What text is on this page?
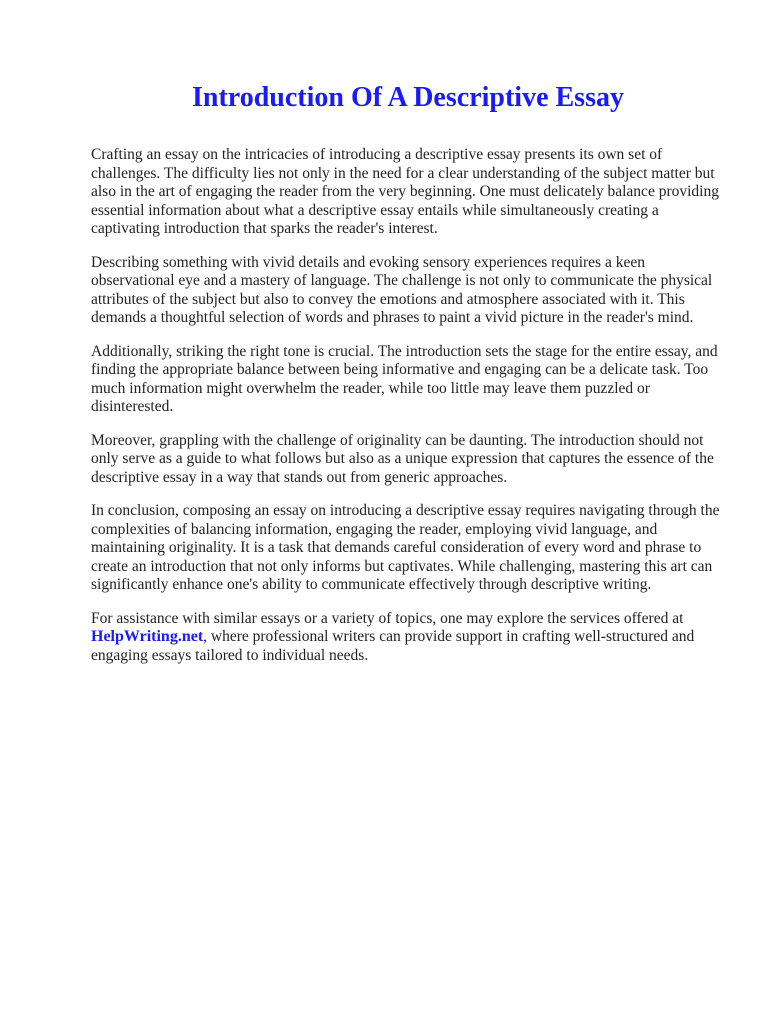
Introduction Of A Descriptive Essay

Crafting an essay on the intricacies of introducing a descriptive essay presents its own set of challenges. The difficulty lies not only in the need for a clear understanding of the subject matter but also in the art of engaging the reader from the very beginning. One must delicately balance providing essential information about what a descriptive essay entails while simultaneously creating a captivating introduction that sparks the reader's interest.

Describing something with vivid details and evoking sensory experiences requires a keen observational eye and a mastery of language. The challenge is not only to communicate the physical attributes of the subject but also to convey the emotions and atmosphere associated with it. This demands a thoughtful selection of words and phrases to paint a vivid picture in the reader's mind.

Additionally, striking the right tone is crucial. The introduction sets the stage for the entire essay, and finding the appropriate balance between being informative and engaging can be a delicate task. Too much information might overwhelm the reader, while too little may leave them puzzled or disinterested.

Moreover, grappling with the challenge of originality can be daunting. The introduction should not only serve as a guide to what follows but also as a unique expression that captures the essence of the descriptive essay in a way that stands out from generic approaches.

In conclusion, composing an essay on introducing a descriptive essay requires navigating through the complexities of balancing information, engaging the reader, employing vivid language, and maintaining originality. It is a task that demands careful consideration of every word and phrase to create an introduction that not only informs but captivates. While challenging, mastering this art can significantly enhance one's ability to communicate effectively through descriptive writing.

For assistance with similar essays or a variety of topics, one may explore the services offered at HelpWriting.net, where professional writers can provide support in crafting well-structured and engaging essays tailored to individual needs.
